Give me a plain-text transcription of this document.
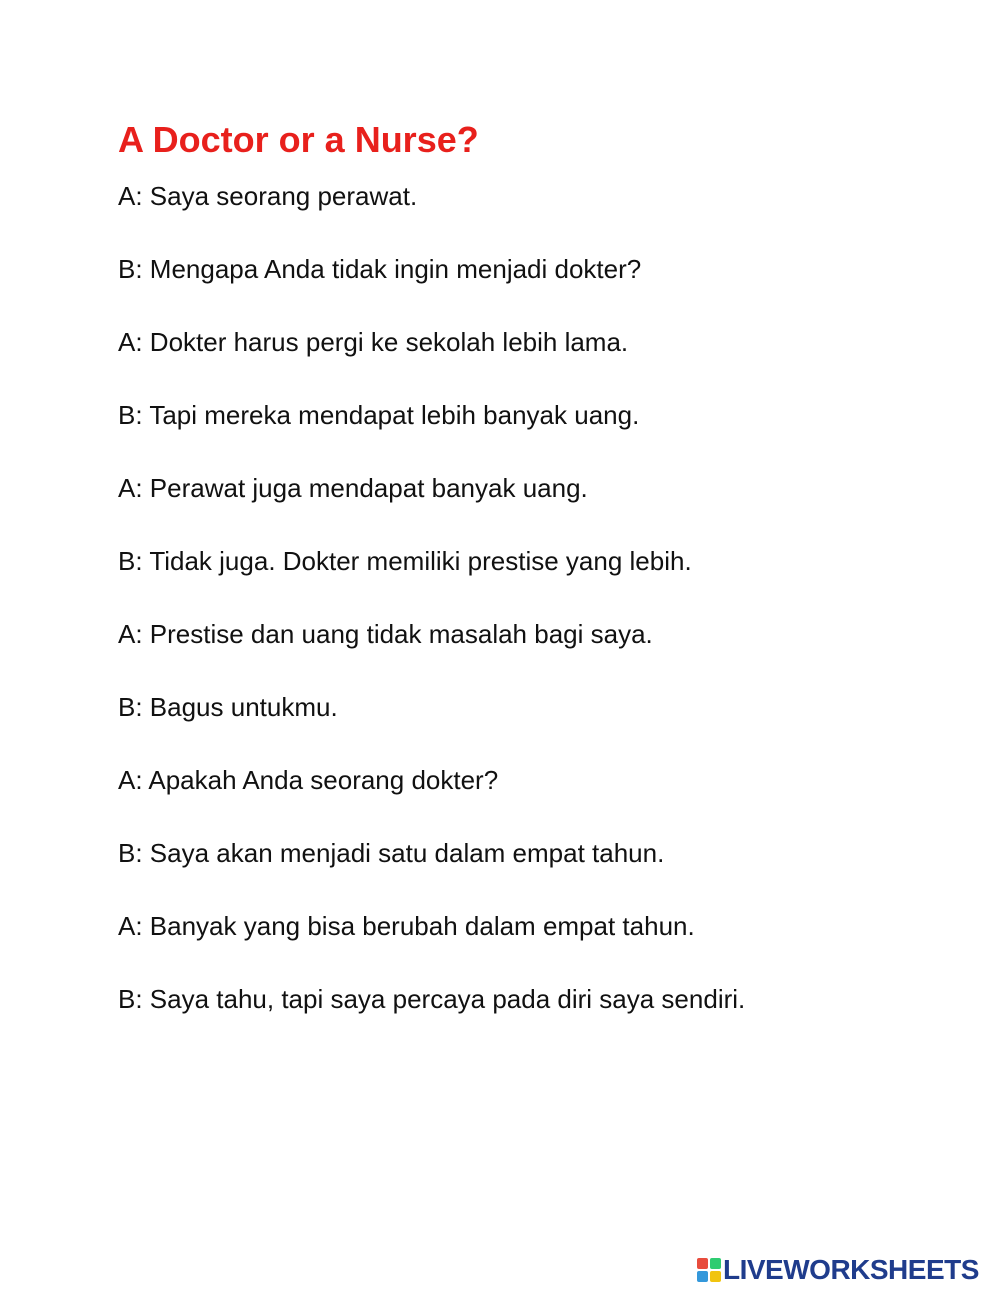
A Doctor or a Nurse?
A: Saya seorang perawat.
B: Mengapa Anda tidak ingin menjadi dokter?
A: Dokter harus pergi ke sekolah lebih lama.
B: Tapi mereka mendapat lebih banyak uang.
A: Perawat juga mendapat banyak uang.
B: Tidak juga. Dokter memiliki prestise yang lebih.
A: Prestise dan uang tidak masalah bagi saya.
B: Bagus untukmu.
A: Apakah Anda seorang dokter?
B: Saya akan menjadi satu dalam empat tahun.
A: Banyak yang bisa berubah dalam empat tahun.
B: Saya tahu, tapi saya percaya pada diri saya sendiri.
LIVEWORKSHEETS
